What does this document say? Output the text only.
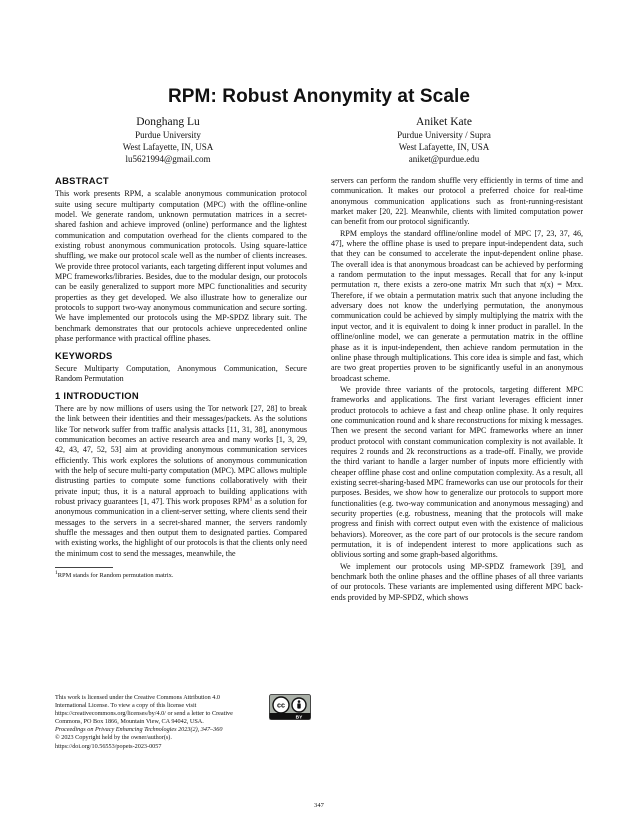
RPM: Robust Anonymity at Scale
Donghang Lu
Purdue University
West Lafayette, IN, USA
lu5621994@gmail.com
Aniket Kate
Purdue University / Supra
West Lafayette, IN, USA
aniket@purdue.edu
ABSTRACT

This work presents RPM, a scalable anonymous communication protocol suite using secure multiparty computation (MPC) with the offline-online model. We generate random, unknown permutation matrices in a secret-shared fashion and achieve improved (online) performance and the lightest communication and computation overhead for the clients compared to the existing robust anonymous communication protocols. Using square-lattice shuffling, we make our protocol scale well as the number of clients increases. We provide three protocol variants, each targeting different input volumes and MPC frameworks/libraries. Besides, due to the modular design, our protocols can be easily generalized to support more MPC functionalities and security properties as they get developed. We also illustrate how to generalize our protocols to support two-way anonymous communication and secure sorting. We have implemented our protocols using the MP-SPDZ library suit. The benchmark demonstrates that our protocols achieve unprecedented online phase performance with practical offline phases.

KEYWORDS

Secure Multiparty Computation, Anonymous Communication, Secure Random Permutation

1 INTRODUCTION

There are by now millions of users using the Tor network [27, 28] to break the link between their identities and their messages/packets. As the solutions like Tor network suffer from traffic analysis attacks [11, 31, 38], anonymous communication becomes an active research area and many works [1, 3, 29, 42, 43, 47, 52, 53] aim at providing anonymous communication services efficiently. This work explores the solutions of anonymous communication with the help of secure multi-party computation (MPC). MPC allows multiple distrusting parties to compute some functions collaboratively with their private input; thus, it is a natural approach to building applications with robust privacy guarantees [1, 47]. This work proposes RPM$^1$ as a solution for anonymous communication in a client-server setting, where clients send their messages to the servers in a secret-shared manner, the servers randomly shuffle the messages and then output them to designated parties. Compared with existing works, the highlight of our protocols is that the clients only need the minimum cost to send the messages, meanwhile, the

$^1$RPM stands for Random permutation matrix.

This work is licensed under the Creative Commons Attribution 4.0 International License. To view a copy of this license visit https://creativecommons.org/licenses/by/4.0/ or send a letter to Creative Commons, PO Box 1866, Mountain View, CA 94042, USA.
Proceedings on Privacy Enhancing Technologies 2023(2), 347–360
© 2023 Copyright held by the owner/author(s).
https://doi.org/10.56553/popets-2023-0057
cc
BY

servers can perform the random shuffle very efficiently in terms of time and communication. It makes our protocol a preferred choice for real-time anonymous communication applications such as front-running-resistant market maker [20, 22]. Meanwhile, clients with limited computation power can benefit from our protocol significantly.

RPM employs the standard offline/online model of MPC [7, 23, 37, 46, 47], where the offline phase is used to prepare input-independent data, such that they can be consumed to accelerate the input-dependent online phase. The overall idea is that anonymous broadcast can be achieved by performing a random permutation to the input messages. Recall that for any k-input permutation π, there exists a zero-one matrix Mπ such that π(x) = Mπx. Therefore, if we obtain a permutation matrix such that anyone including the adversary does not know the underlying permutation, the anonymous communication could be achieved by simply multiplying the matrix with the input vector, and it is equivalent to doing k inner product in parallel. In the offline/online model, we can generate a permutation matrix in the offline phase as it is input-independent, then achieve random permutation in the online phase through multiplications. This core idea is simple and fast, which are two great properties proven to be significantly useful in an anonymous broadcast scheme.

We provide three variants of the protocols, targeting different MPC frameworks and applications. The first variant leverages efficient inner product protocols to achieve a fast and cheap online phase. It only requires one communication round and k share reconstructions for mixing k messages. Then we present the second variant for MPC frameworks where an inner product protocol with constant communication complexity is not available. It requires 2 rounds and 2k reconstructions as a trade-off. Finally, we provide the third variant to handle a larger number of inputs more efficiently with cheaper offline phase cost and online computation complexity. As a result, all existing secret-sharing-based MPC frameworks can use our protocols for their purposes. Besides, we show how to generalize our protocols to support more functionalities (e.g. two-way communication and anonymous messaging) and security properties (e.g. robustness, meaning that the protocols will make progress and finish with correct output even with the existence of malicious behaviors). Moreover, as the core part of our protocols is the secure random permutation, it is of independent interest to more applications such as oblivious sorting and some graph-based algorithms.

We implement our protocols using MP-SPDZ framework [39], and benchmark both the online phases and the offline phases of all three variants of our protocols. These variants are implemented using different MPC back-ends provided by MP-SPDZ, which shows

347
